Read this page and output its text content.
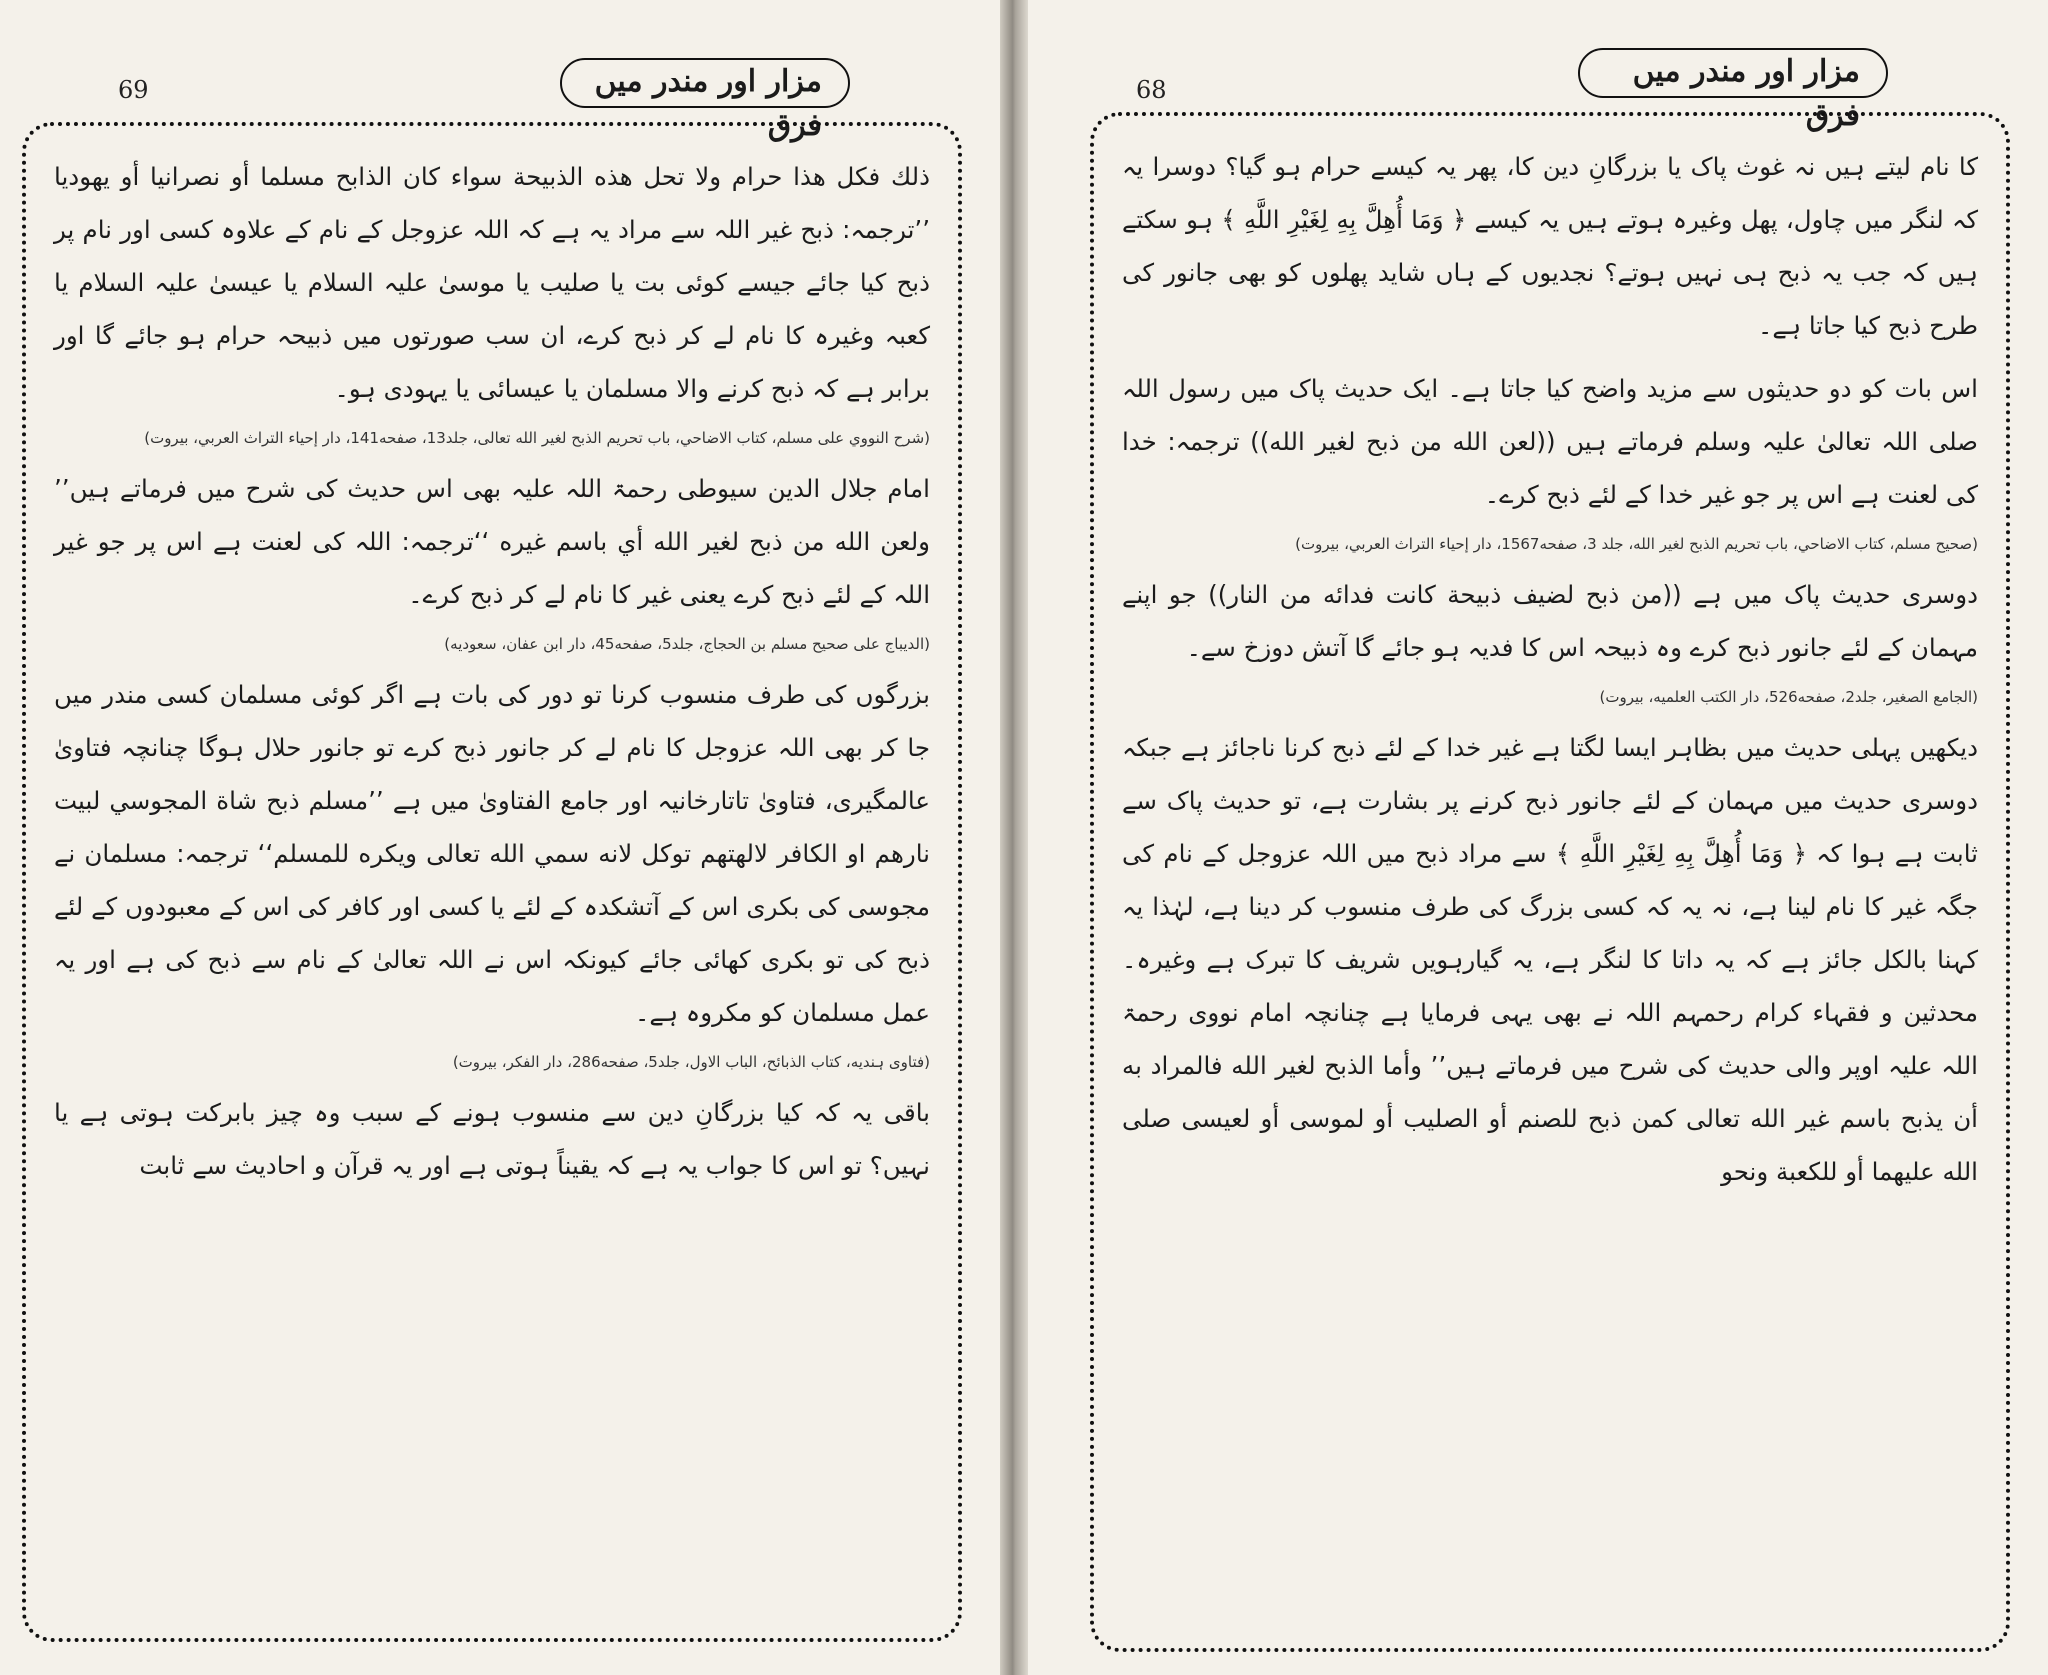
69	مزار اور مندر میں فرق

ذلك فكل هذا حرام ولا تحل هذه الذبيحة سواء كان الذابح مسلما أو نصرانيا أو يهوديا ’’ترجمہ: ذبح غیر اللہ سے مراد یہ ہے کہ اللہ عزوجل کے نام کے علاوہ کسی اور نام پر ذبح کیا جائے جیسے کوئی بت یا صلیب یا موسیٰ علیہ السلام یا عیسیٰ علیہ السلام یا کعبہ وغیرہ کا نام لے کر ذبح کرے، ان سب صورتوں میں ذبیحہ حرام ہو جائے گا اور برابر ہے کہ ذبح کرنے والا مسلمان یا عیسائی یا یہودی ہو۔

(شرح النووي على مسلم، كتاب الاضاحي، باب تحريم الذبح لغير الله تعالى، جلد13، صفحه141، دار إحياء التراث العربي، بيروت)

امام جلال الدین سیوطی رحمۃ اللہ علیہ بھی اس حدیث کی شرح میں فرماتے ہیں’’ ولعن الله من ذبح لغير الله أي باسم غيره ‘‘ترجمہ: اللہ کی لعنت ہے اس پر جو غیر اللہ کے لئے ذبح کرے یعنی غیر کا نام لے کر ذبح کرے۔

(الديباج على صحيح مسلم بن الحجاج، جلد5، صفحه45، دار ابن عفان، سعوديه)

بزرگوں کی طرف منسوب کرنا تو دور کی بات ہے اگر کوئی مسلمان کسی مندر میں جا کر بھی اللہ عزوجل کا نام لے کر جانور ذبح کرے تو جانور حلال ہوگا چنانچہ فتاویٰ عالمگیری، فتاویٰ تاتارخانیہ اور جامع الفتاویٰ میں ہے ’’مسلم ذبح شاة المجوسي لبيت نارهم او الكافر لالهتهم توكل لانه سمي الله تعالى ويكره للمسلم‘‘ ترجمہ: مسلمان نے مجوسی کی بکری اس کے آتشکدہ کے لئے یا کسی اور کافر کی اس کے معبودوں کے لئے ذبح کی تو بکری کھائی جائے کیونکہ اس نے اللہ تعالیٰ کے نام سے ذبح کی ہے اور یہ عمل مسلمان کو مکروہ ہے۔

(فتاوى ہنديه، كتاب الذبائح، الباب الاول، جلد5، صفحه286، دار الفكر، بيروت)

باقی یہ کہ کیا بزرگانِ دین سے منسوب ہونے کے سبب وہ چیز بابرکت ہوتی ہے یا نہیں؟ تو اس کا جواب یہ ہے کہ یقیناً ہوتی ہے اور یہ قرآن و احادیث سے ثابت

68
مزار اور مندر میں فرق

کا نام لیتے ہیں نہ غوث پاک یا بزرگانِ دین کا، پھر یہ کیسے حرام ہو گیا؟ دوسرا یہ کہ لنگر میں چاول، پھل وغیرہ ہوتے ہیں یہ کیسے ﴿ وَمَا أُهِلَّ بِهِ لِغَيْرِ اللَّهِ ﴾ ہو سکتے ہیں کہ جب یہ ذبح ہی نہیں ہوتے؟ نجدیوں کے ہاں شاید پھلوں کو بھی جانور کی طرح ذبح کیا جاتا ہے۔

اس بات کو دو حدیثوں سے مزید واضح کیا جاتا ہے۔ ایک حدیث پاک میں رسول اللہ صلی اللہ تعالیٰ علیہ وسلم فرماتے ہیں ((لعن الله من ذبح لغير الله)) ترجمہ: خدا کی لعنت ہے اس پر جو غیر خدا کے لئے ذبح کرے۔

(صحيح مسلم، كتاب الاضاحي، باب تحريم الذبح لغير الله، جلد 3، صفحه1567، دار إحياء التراث العربي، بيروت)

دوسری حدیث پاک میں ہے ((من ذبح لضيف ذبيحة كانت فدائه من النار)) جو اپنے مہمان کے لئے جانور ذبح کرے وہ ذبیحہ اس کا فدیہ ہو جائے گا آتش دوزخ سے۔

(الجامع الصغير، جلد2، صفحه526، دار الكتب العلميه، بيروت)

دیکھیں پہلی حدیث میں بظاہر ایسا لگتا ہے غیر خدا کے لئے ذبح کرنا ناجائز ہے جبکہ دوسری حدیث میں مہمان کے لئے جانور ذبح کرنے پر بشارت ہے، تو حدیث پاک سے ثابت ہے ہوا کہ ﴿ وَمَا أُهِلَّ بِهِ لِغَيْرِ اللَّهِ ﴾ سے مراد ذبح میں اللہ عزوجل کے نام کی جگہ غیر کا نام لینا ہے، نہ یہ کہ کسی بزرگ کی طرف منسوب کر دینا ہے، لہٰذا یہ کہنا بالکل جائز ہے کہ یہ داتا کا لنگر ہے، یہ گیارہویں شریف کا تبرک ہے وغیرہ۔ محدثین و فقہاء کرام رحمہم اللہ نے بھی یہی فرمایا ہے چنانچہ امام نووی رحمۃ اللہ علیہ اوپر والی حدیث کی شرح میں فرماتے ہیں’’ وأما الذبح لغير الله فالمراد به أن يذبح باسم غير الله تعالى كمن ذبح للصنم أو الصليب أو لموسى أو لعيسى صلى الله عليهما أو للكعبة ونحو
